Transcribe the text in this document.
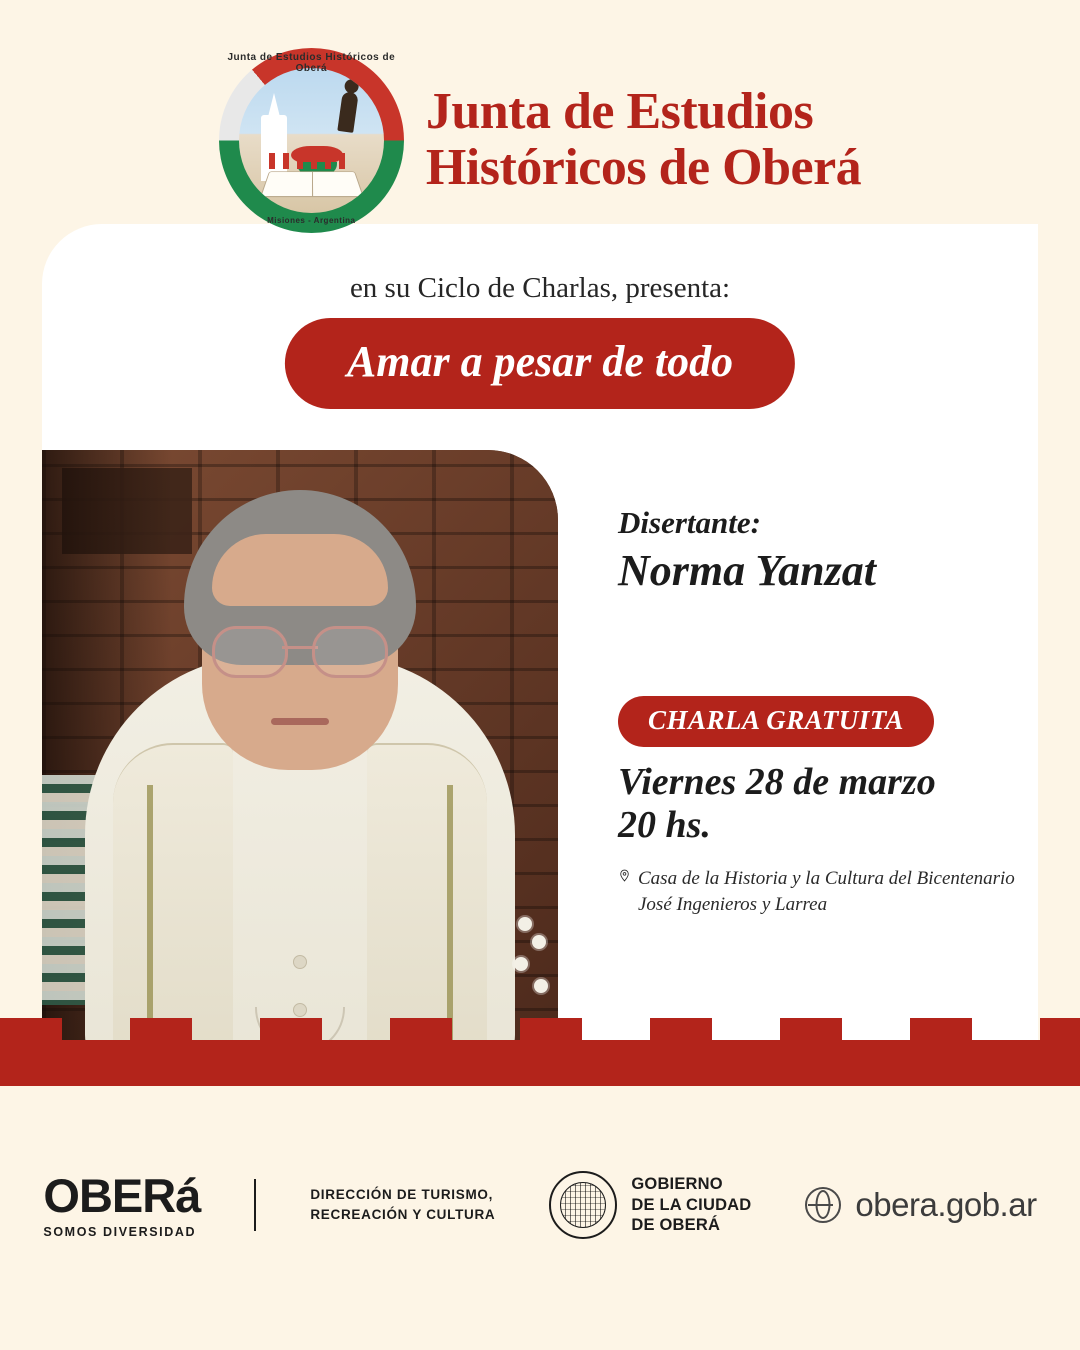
Junta de Estudios Históricos de Oberá
Misiones - Argentina
Junta de Estudios
Históricos de Oberá
en su Ciclo de Charlas, presenta:
Amar a pesar de todo
Disertante:
Norma Yanzat
CHARLA GRATUITA
Viernes 28 de marzo
20 hs.
Casa de la Historia y la Cultura del Bicentenario
José Ingenieros y Larrea
OBERá
SOMOS DIVERSIDAD
DIRECCIÓN DE TURISMO,
RECREACIÓN Y CULTURA
GOBIERNO
DE LA CIUDAD
DE OBERÁ
obera.gob.ar
